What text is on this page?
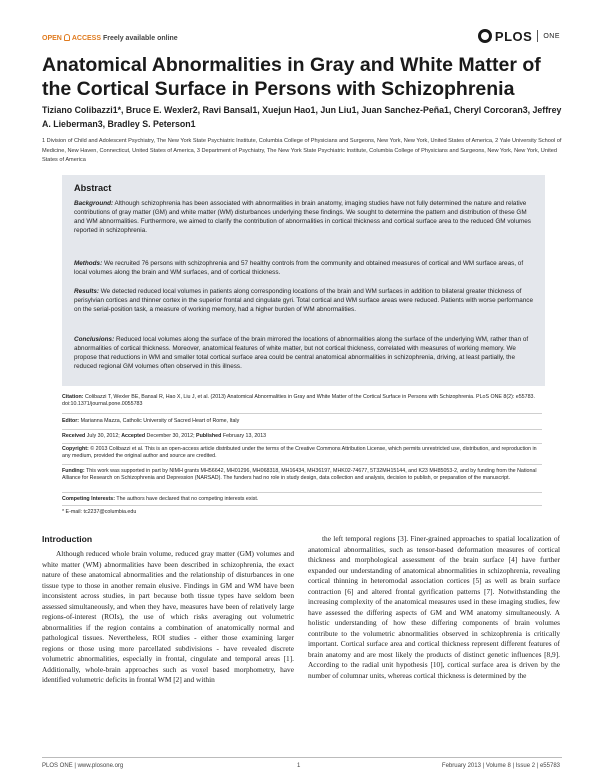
OPEN ACCESS Freely available online	PLOS ONE
Anatomical Abnormalities in Gray and White Matter of the Cortical Surface in Persons with Schizophrenia
Tiziano Colibazzi1*, Bruce E. Wexler2, Ravi Bansal1, Xuejun Hao1, Jun Liu1, Juan Sanchez-Peña1, Cheryl Corcoran3, Jeffrey A. Lieberman3, Bradley S. Peterson1
1 Division of Child and Adolescent Psychiatry, The New York State Psychiatric Institute, Columbia College of Physicians and Surgeons, New York, New York, United States of America, 2 Yale University School of Medicine, New Haven, Connecticut, United States of America, 3 Department of Psychiatry, The New York State Psychiatric Institute, Columbia College of Physicians and Surgeons, New York, New York, United States of America
Abstract
Background: Although schizophrenia has been associated with abnormalities in brain anatomy, imaging studies have not fully determined the nature and relative contributions of gray matter (GM) and white matter (WM) disturbances underlying these findings. We sought to determine the pattern and distribution of these GM and WM abnormalities. Furthermore, we aimed to clarify the contribution of abnormalities in cortical thickness and cortical surface area to the reduced GM volumes reported in schizophrenia.
Methods: We recruited 76 persons with schizophrenia and 57 healthy controls from the community and obtained measures of cortical and WM surface areas, of local volumes along the brain and WM surfaces, and of cortical thickness.
Results: We detected reduced local volumes in patients along corresponding locations of the brain and WM surfaces in addition to bilateral greater thickness of perisylvian cortices and thinner cortex in the superior frontal and cingulate gyri. Total cortical and WM surface areas were reduced. Patients with worse performance on the serial-position task, a measure of working memory, had a higher burden of WM abnormalities.
Conclusions: Reduced local volumes along the surface of the brain mirrored the locations of abnormalities along the surface of the underlying WM, rather than of abnormalities of cortical thickness. Moreover, anatomical features of white matter, but not cortical thickness, correlated with measures of working memory. We propose that reductions in WM and smaller total cortical surface area could be central anatomical abnormalities in schizophrenia, driving, at least partially, the reduced regional GM volumes often observed in this illness.
Citation: Colibazzi T, Wexler BE, Bansal R, Hao X, Liu J, et al. (2013) Anatomical Abnormalities in Gray and White Matter of the Cortical Surface in Persons with Schizophrenia. PLoS ONE 8(2): e55783. doi:10.1371/journal.pone.0055783
Editor: Marianna Mazza, Catholic University of Sacred Heart of Rome, Italy
Received July 30, 2012; Accepted December 30, 2012; Published February 13, 2013
Copyright: © 2013 Colibazzi et al. This is an open-access article distributed under the terms of the Creative Commons Attribution License, which permits unrestricted use, distribution, and reproduction in any medium, provided the original author and source are credited.
Funding: This work was supported in part by NIMH grants MH56642, MH01296, MH068318, MH16434, MH36197, MHK02-74677, 5T32MH15144, and K23 MH85053-2, and by funding from the National Alliance for Research on Schizophrenia and Depression (NARSAD). The funders had no role in study design, data collection and analysis, decision to publish, or preparation of the manuscript.
Competing Interests: The authors have declared that no competing interests exist.
* E-mail: tc2237@columbia.edu
Introduction
Although reduced whole brain volume, reduced gray matter (GM) volumes and white matter (WM) abnormalities have been described in schizophrenia, the exact nature of these anatomical abnormalities and the relationship of disturbances in one tissue type to those in another remain elusive. Findings in GM and WM have been inconsistent across studies, in part because both tissue types have seldom been assessed simultaneously, and when they have, measures have been of relatively large regions-of-interest (ROIs), the use of which risks averaging out volumetric abnormalities if the region contains a combination of anatomically normal and pathological tissues. Nevertheless, ROI studies - either those examining larger regions or those using more parcellated subdivisions - have revealed discrete volumetric abnormalities, especially in frontal, cingulate and temporal areas [1]. Additionally, whole-brain approaches such as voxel based morphometry, have identified volumetric deficits in frontal WM [2] and within
the left temporal regions [3]. Finer-grained approaches to spatial localization of anatomical abnormalities, such as tensor-based deformation measures of cortical thickness and morphological assessment of the brain surface [4] have further expanded our understanding of anatomical abnormalities in schizophrenia, revealing cortical thinning in heteromodal association cortices [5] as well as brain surface contraction [6] and altered frontal gyrification patterns [7]. Notwithstanding the increasing complexity of the anatomical measures used in these imaging studies, few have assessed the differing aspects of GM and WM anatomy simultaneously. A holistic understanding of how these differing components of brain volumes contribute to the volumetric abnormalities observed in schizophrenia is critically important. Cortical surface area and cortical thickness represent different features of brain anatomy and are most likely the products of distinct genetic influences [8,9]. According to the radial unit hypothesis [10], cortical surface area is driven by the number of columnar units, whereas cortical thickness is determined by the
PLOS ONE | www.plosone.org	1	February 2013 | Volume 8 | Issue 2 | e55783
